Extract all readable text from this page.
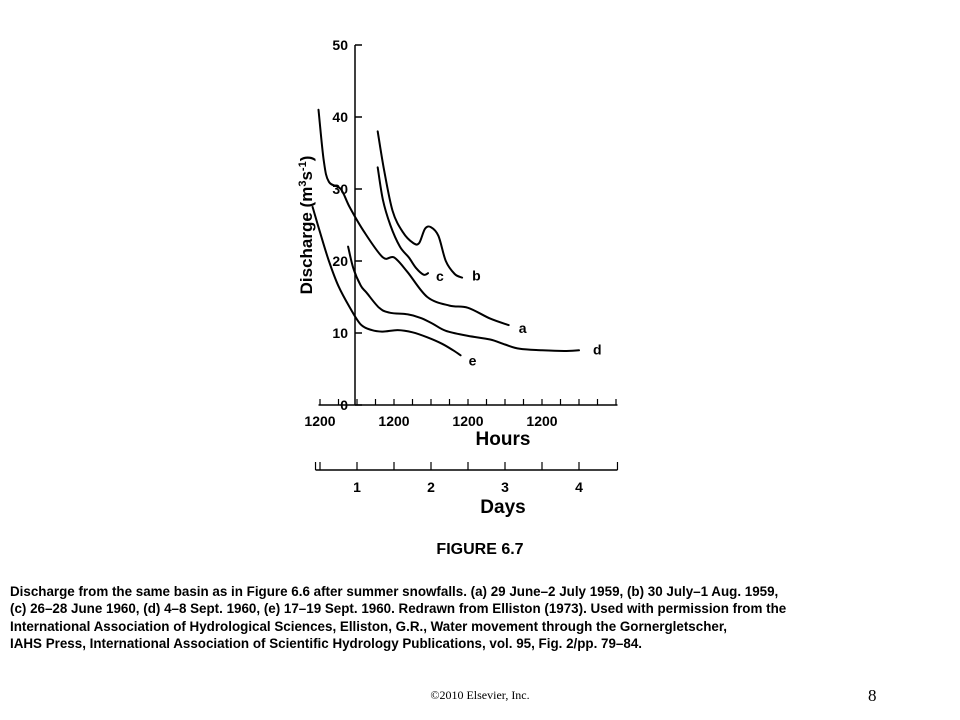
0
10
20
30
40
50
1200	1200	1200	1200
1	2	3	4
a
b
c
d
e
Discharge $(m^3s^{-1})$
Hours
Days
FIGURE 6.7
Discharge from the same basin as in Figure 6.6 after summer snowfalls. (a) 29 June–2 July 1959, (b) 30 July–1 Aug. 1959,
(c) 26–28 June 1960, (d) 4–8 Sept. 1960, (e) 17–19 Sept. 1960. Redrawn from Elliston (1973). Used with permission from the
International Association of Hydrological Sciences, Elliston, G.R., Water movement through the Gornergletscher,
IAHS Press, International Association of Scientific Hydrology Publications, vol. 95, Fig. 2/pp. 79–84.
©2010 Elsevier, Inc.	8
